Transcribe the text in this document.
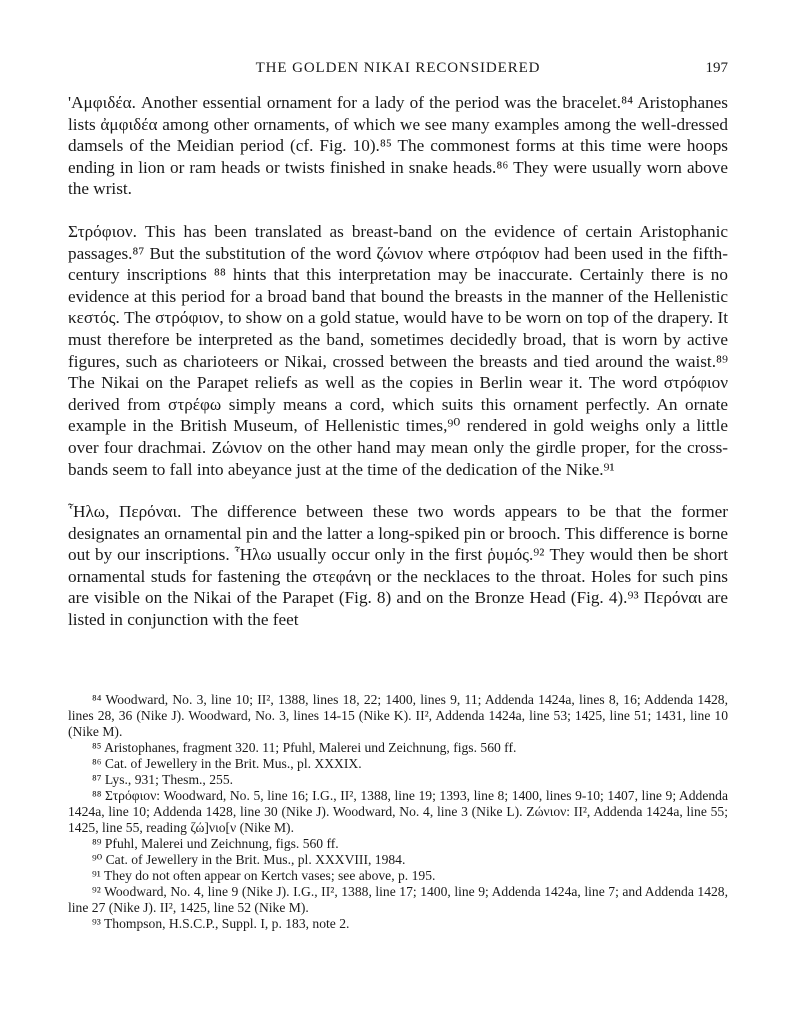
THE GOLDEN NIKAI RECONSIDERED	197

'Αμφιδέα. Another essential ornament for a lady of the period was the bracelet.⁸⁴ Aristophanes lists ἀμφιδέα among other ornaments, of which we see many examples among the well-dressed damsels of the Meidian period (cf. Fig. 10).⁸⁵ The commonest forms at this time were hoops ending in lion or ram heads or twists finished in snake heads.⁸⁶ They were usually worn above the wrist.

Στρόφιον. This has been translated as breast-band on the evidence of certain Aristophanic passages.⁸⁷ But the substitution of the word ζώνιον where στρόφιον had been used in the fifth-century inscriptions ⁸⁸ hints that this interpretation may be inaccurate. Certainly there is no evidence at this period for a broad band that bound the breasts in the manner of the Hellenistic κεστός. The στρόφιον, to show on a gold statue, would have to be worn on top of the drapery. It must therefore be interpreted as the band, sometimes decidedly broad, that is worn by active figures, such as charioteers or Nikai, crossed between the breasts and tied around the waist.⁸⁹ The Nikai on the Parapet reliefs as well as the copies in Berlin wear it. The word στρόφιον derived from στρέφω simply means a cord, which suits this ornament perfectly. An ornate example in the British Museum, of Hellenistic times,⁹⁰ rendered in gold weighs only a little over four drachmai. Ζώνιον on the other hand may mean only the girdle proper, for the cross-bands seem to fall into abeyance just at the time of the dedication of the Nike.⁹¹

Ἧλω, Περόναι. The difference between these two words appears to be that the former designates an ornamental pin and the latter a long-spiked pin or brooch. This difference is borne out by our inscriptions. Ἧλω usually occur only in the first ῥυμός.⁹² They would then be short ornamental studs for fastening the στεφάνη or the necklaces to the throat. Holes for such pins are visible on the Nikai of the Parapet (Fig. 8) and on the Bronze Head (Fig. 4).⁹³ Περόναι are listed in conjunction with the feet

⁸⁴ Woodward, No. 3, line 10; II², 1388, lines 18, 22; 1400, lines 9, 11; Addenda 1424a, lines 8, 16; Addenda 1428, lines 28, 36 (Nike J). Woodward, No. 3, lines 14-15 (Nike K). II², Addenda 1424a, line 53; 1425, line 51; 1431, line 10 (Nike M).

⁸⁵ Aristophanes, fragment 320. 11; Pfuhl, Malerei und Zeichnung, figs. 560 ff.

⁸⁶ Cat. of Jewellery in the Brit. Mus., pl. XXXIX.

⁸⁷ Lys., 931; Thesm., 255.

⁸⁸ Στρόφιον: Woodward, No. 5, line 16; I.G., II², 1388, line 19; 1393, line 8; 1400, lines 9-10; 1407, line 9; Addenda 1424a, line 10; Addenda 1428, line 30 (Nike J). Woodward, No. 4, line 3 (Nike L). Ζώνιον: II², Addenda 1424a, line 55; 1425, line 55, reading ζώ]νιο[ν (Nike M).

⁸⁹ Pfuhl, Malerei und Zeichnung, figs. 560 ff.

⁹⁰ Cat. of Jewellery in the Brit. Mus., pl. XXXVIII, 1984.

⁹¹ They do not often appear on Kertch vases; see above, p. 195.

⁹² Woodward, No. 4, line 9 (Nike J). I.G., II², 1388, line 17; 1400, line 9; Addenda 1424a, line 7; and Addenda 1428, line 27 (Nike J). II², 1425, line 52 (Nike M).

⁹³ Thompson, H.S.C.P., Suppl. I, p. 183, note 2.
